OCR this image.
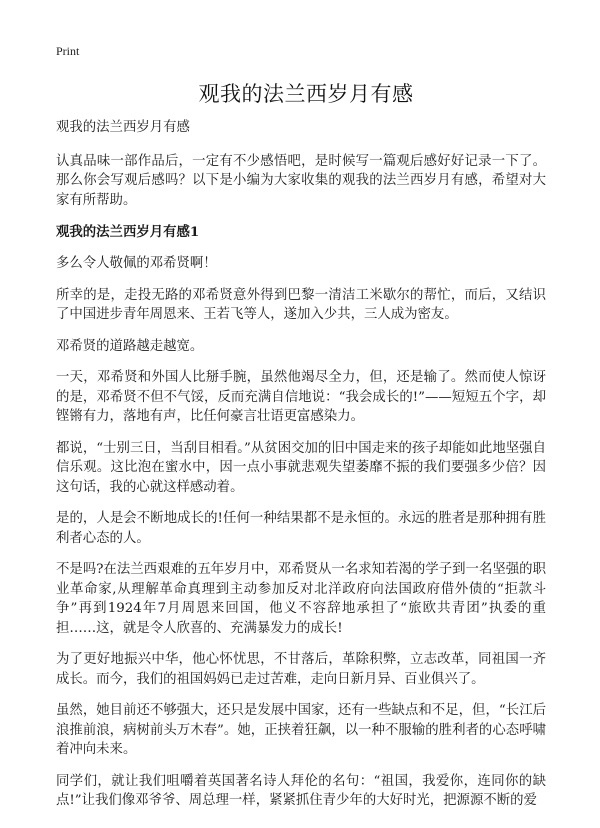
Print
观我的法兰西岁月有感

观我的法兰西岁月有感

认真品味一部作品后，一定有不少感悟吧，是时候写一篇观后感好好记录一下了。那么你会写观后感吗？以下是小编为大家收集的观我的法兰西岁月有感，希望对大家有所帮助。

观我的法兰西岁月有感1

多么令人敬佩的邓希贤啊！

所幸的是，走投无路的邓希贤意外得到巴黎一清洁工米歇尔的帮忙，而后，又结识了中国进步青年周恩来、王若飞等人，遂加入少共，三人成为密友。

邓希贤的道路越走越宽。

一天，邓希贤和外国人比掰手腕，虽然他竭尽全力，但，还是输了。然而使人惊讶的是，邓希贤不但不气馁，反而充满自信地说：“我会成长的!”——短短五个字，却铿锵有力，落地有声，比任何豪言壮语更富感染力。

都说，“士别三日，当刮目相看。”从贫困交加的旧中国走来的孩子却能如此地坚强自信乐观。这比泡在蜜水中，因一点小事就悲观失望萎靡不振的我们要强多少倍？因这句话，我的心就这样感动着。

是的，人是会不断地成长的!任何一种结果都不是永恒的。永远的胜者是那种拥有胜利者心态的人。

不是吗?在法兰西艰难的五年岁月中，邓希贤从一名求知若渴的学子到一名坚强的职业革命家,从理解革命真理到主动参加反对北洋政府向法国政府借外债的“拒款斗争”再到1924年7月周恩来回国，他义不容辞地承担了“旅欧共青团”执委的重担……这，就是令人欣喜的、充满暴发力的成长!

为了更好地振兴中华，他心怀忧思，不甘落后，革除积弊，立志改革，同祖国一齐成长。而今，我们的祖国妈妈已走过苦难，走向日新月异、百业俱兴了。

虽然，她目前还不够强大，还只是发展中国家，还有一些缺点和不足，但，“长江后浪推前浪，病树前头万木春”。她，正挟着狂飙，以一种不服输的胜利者的心态呼啸着冲向未来。

同学们，就让我们咀嚼着英国著名诗人拜伦的名句：“祖国，我爱你，连同你的缺点!”让我们像邓爷爷、周总理一样，紧紧抓住青少年的大好时光，把源源不断的爱
